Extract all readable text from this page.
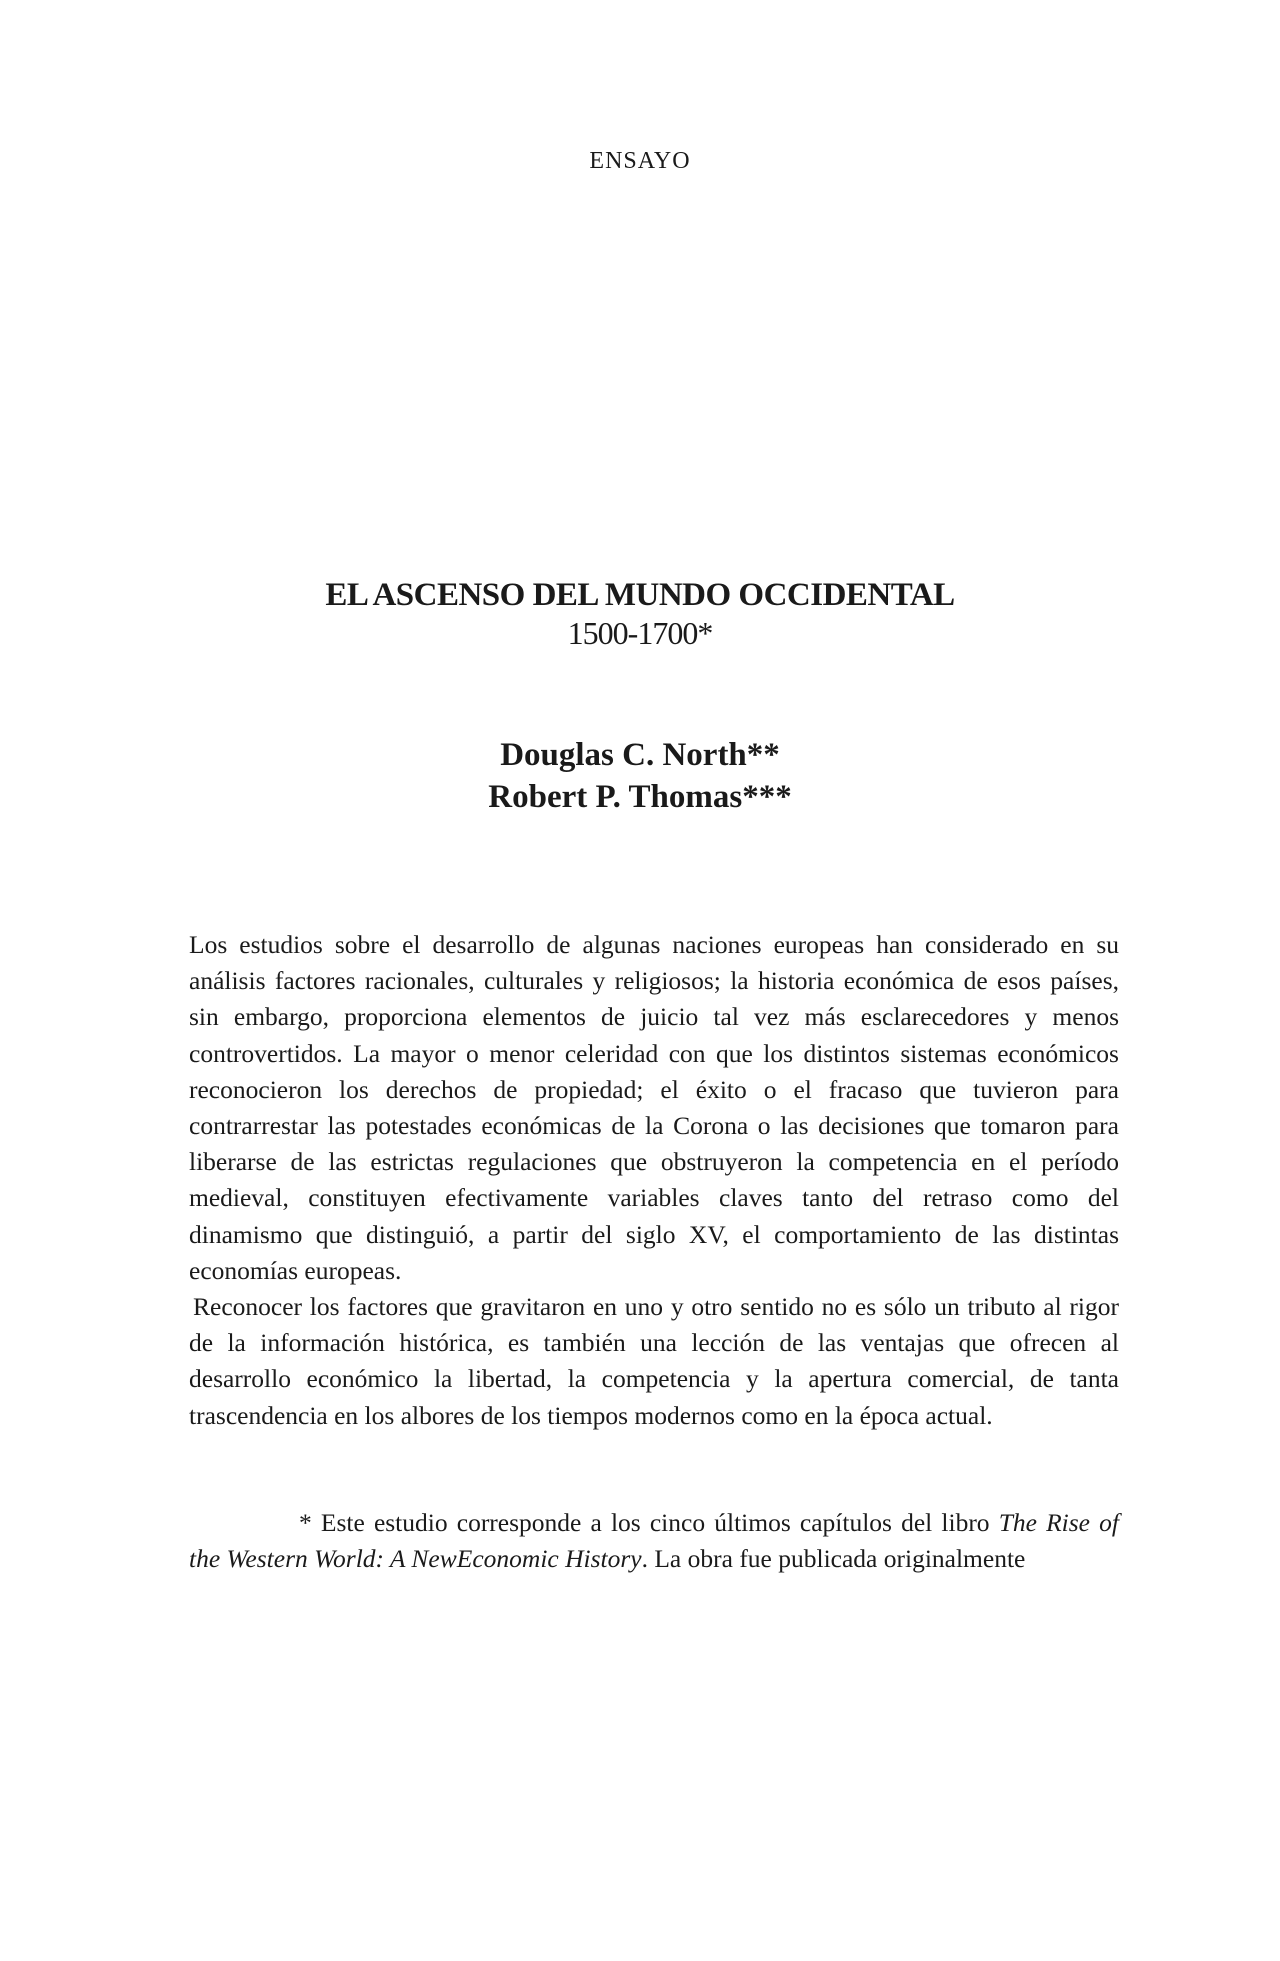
ENSAYO
EL ASCENSO DEL MUNDO OCCIDENTAL
1500-1700*
Douglas C. North**
Robert P. Thomas***

Los estudios sobre el desarrollo de algunas naciones europeas han considerado en su análisis factores racionales, culturales y religiosos; la historia económica de esos países, sin embargo, proporciona elementos de juicio tal vez más esclarecedores y menos controvertidos. La mayor o menor celeridad con que los distintos sistemas económicos reconocieron los derechos de propiedad; el éxito o el fracaso que tuvieron para contrarrestar las potestades económicas de la Corona o las decisiones que tomaron para liberarse de las estrictas regulaciones que obstruyeron la competencia en el período medieval, constituyen efectivamente variables claves tanto del retraso como del dinamismo que distinguió, a partir del siglo XV, el comportamiento de las distintas economías europeas.

Reconocer los factores que gravitaron en uno y otro sentido no es sólo un tributo al rigor de la información histórica, es también una lección de las ventajas que ofrecen al desarrollo económico la libertad, la competencia y la apertura comercial, de tanta trascendencia en los albores de los tiempos modernos como en la época actual.

* Este estudio corresponde a los cinco últimos capítulos del libro The Rise of the Western World: A NewEconomic History. La obra fue publicada originalmente
